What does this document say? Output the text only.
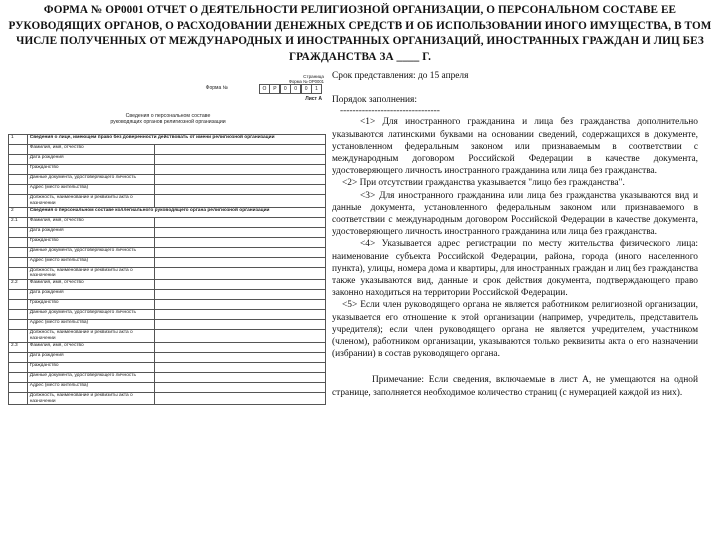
ФОРМА № ОР0001 ОТЧЕТ О ДЕЯТЕЛЬНОСТИ РЕЛИГИОЗНОЙ ОРГАНИЗАЦИИ, О ПЕРСОНАЛЬНОМ СОСТАВЕ ЕЕ РУКОВОДЯЩИХ ОРГАНОВ, О РАСХОДОВАНИИ ДЕНЕЖНЫХ СРЕДСТВ И ОБ ИСПОЛЬЗОВАНИИ ИНОГО ИМУЩЕСТВА, В ТОМ ЧИСЛЕ ПОЛУЧЕННЫХ ОТ МЕЖДУНАРОДНЫХ И ИНОСТРАННЫХ ОРГАНИЗАЦИЙ, ИНОСТРАННЫХ ГРАЖДАН И ЛИЦ БЕЗ ГРАЖДАНСТВА ЗА ____ Г.
Страница
Форма № ОР0001
Форма №	О	Р	0	0	0	1
Лист А
Сведения о персональном составе
руководящих органов религиозной организации
1	Сведения о лице, имеющем право без доверенности действовать от имени религиозной организации	
	Фамилия, имя, отчество	
	Дата рождения	
	Гражданство	
	Данные документа, удостоверяющего личность	
	Адрес (место жительства)	
	Должность, наименование и реквизиты акта о назначении	
2	Сведения о персональном составе коллегиального руководящего органа религиозной организации	
2.1	Фамилия, имя, отчество	
	Дата рождения	
	Гражданство	
	Данные документа, удостоверяющего личность	
	Адрес (место жительства)	
	Должность, наименование и реквизиты акта о назначении	
2.2	Фамилия, имя, отчество	
	Дата рождения	
	Гражданство	
	Данные документа, удостоверяющего личность	
	Адрес (место жительства)	
	Должность, наименование и реквизиты акта о назначении	
2.3	Фамилия, имя, отчество	
	Дата рождения	
	Гражданство	
	Данные документа, удостоверяющего личность	
	Адрес (место жительства)	
	Должность, наименование и реквизиты акта о назначении	

Срок представления: до 15 апреля

Порядок заполнения:

--------------------------------

<1> Для иностранного гражданина и лица без гражданства дополнительно указываются латинскими буквами на основании сведений, содержащихся в документе, установленном федеральным законом или признаваемым в соответствии с международным договором Российской Федерации в качестве документа, удостоверяющего личность иностранного гражданина или лица без гражданства.

<2> При отсутствии гражданства указывается "лицо без гражданства".

<3> Для иностранного гражданина или лица без гражданства указываются вид и данные документа, установленного федеральным законом или признаваемого в соответствии с международным договором Российской Федерации в качестве документа, удостоверяющего личность иностранного гражданина или лица без гражданства.

<4> Указывается адрес регистрации по месту жительства физического лица: наименование субъекта Российской Федерации, района, города (иного населенного пункта), улицы, номера дома и квартиры, для иностранных граждан и лиц без гражданства также указываются вид, данные и срок действия документа, подтверждающего право законно находиться на территории Российской Федерации.

<5> Если член руководящего органа не является работником религиозной организации, указывается его отношение к этой организации (например, учредитель, представитель учредителя); если член руководящего органа не является учредителем, участником (членом), работником организации, указываются только реквизиты акта о его назначении (избрании) в состав руководящего органа.

Примечание: Если сведения, включаемые в лист А, не умещаются на одной странице, заполняется необходимое количество страниц (с нумерацией каждой из них).
